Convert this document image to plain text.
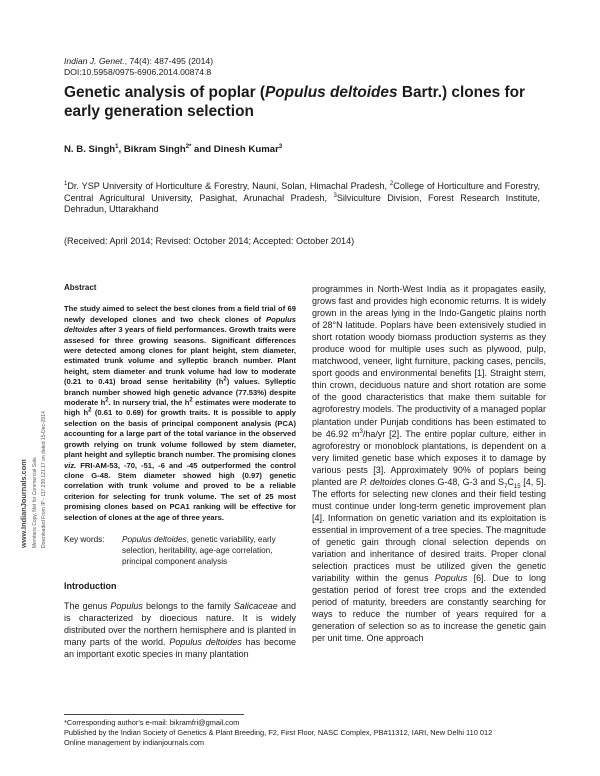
Indian J. Genet., 74(4): 487-495 (2014)
DOI:10.5958/0975-6906.2014.00874.8
Genetic analysis of poplar (Populus deltoides Bartr.) clones for early generation selection
N. B. Singh$^1$, Bikram Singh$^{2*}$ and Dinesh Kumar$^3$
$^1$Dr. YSP University of Horticulture & Forestry, Nauni, Solan, Himachal Pradesh, $^2$College of Horticulture and Forestry, Central Agricultural University, Pasighat, Arunachal Pradesh, $^3$Silviculture Division, Forest Research Institute, Dehradun, Uttarakhand
(Received: April 2014; Revised: October 2014; Accepted: October 2014)
www.IndianJournals.com Members Copy, Not for Commercial Sale Downloaded From IP - 117.239.121.17 on dated 15-Dec-2014
Abstract
The study aimed to select the best clones from a field trial of 69 newly developed clones and two check clones of Populus deltoides after 3 years of field performances. Growth traits were assesed for three growing seasons. Significant differences were detected among clones for plant height, stem diameter, estimated trunk volume and sylleptic branch number. Plant height, stem diameter and trunk volume had low to moderate (0.21 to 0.41) broad sense heritability $(h^2)$ values. Sylleptic branch number showed high genetic advance (77.53%) despite moderate $h^2$. In nursery trial, the $h^2$ estimates were moderate to high $h^2$ (0.61 to 0.69) for growth traits. It is possible to apply selection on the basis of principal component analysis (PCA) accounting for a large part of the total variance in the observed growth relying on trunk volume followed by stem diameter, plant height and sylleptic branch number. The promising clones viz. FRI-AM-53, -70, -51, -6 and -45 outperformed the control clone G-48. Stem diameter showed high (0.97) genetic correlation with trunk volume and proved to be a reliable criterion for selecting for trunk volume. The set of 25 most promising clones based on PCA1 ranking will be effective for selection of clones at the age of three years.
Key words:	Populus deltoides, genetic variability, early selection, heritability, age-age correlation, principal component analysis
Introduction
The genus Populus belongs to the family Salicaceae and is characterized by dioecious nature. It is widely distributed over the northern hemisphere and is planted in many parts of the world. Populus deltoides has become an important exotic species in many plantation
programmes in North-West India as it propagates easily, grows fast and provides high economic returns. It is widely grown in the areas lying in the Indo-Gangetic plains north of 28°N latitude. Poplars have been extensively studied in short rotation woody biomass production systems as they produce wood for multiple uses such as plywood, pulp, matchwood, veneer, light furniture, packing cases, pencils, sport goods and environmental benefits [1]. Straight stem, thin crown, deciduous nature and short rotation are some of the good characteristics that make them suitable for agroforestry models. The productivity of a managed poplar plantation under Punjab conditions has been estimated to be 46.92 $m^3/ha/yr$ [2]. The entire poplar culture, either in agroforestry or monoblock plantations, is dependent on a very limited genetic base which exposes it to damage by various pests [3]. Approximately 90% of poplars being planted are P. deltoides clones G-48, G-3 and $S_7C_{15}$ [4, 5]. The efforts for selecting new clones and their field testing must continue under long-term genetic improvement plan [4]. Information on genetic variation and its exploitation is essential in improvement of a tree species. The magnitude of genetic gain through clonal selection depends on variation and inheritance of desired traits. Proper clonal selection practices must be utilized given the genetic variability within the genus Populus [6]. Due to long gestation period of forest tree crops and the extended period of maturity, breeders are constantly searching for ways to reduce the number of years required for a generation of selection so as to increase the genetic gain per unit time. One approach
*Corresponding author's e-mail: bikramfri@gmail.com
Published by the Indian Society of Genetics & Plant Breeding, F2, First Floor, NASC Complex, PB#11312, IARI, New Delhi 110 012
Online management by indianjournals.com
